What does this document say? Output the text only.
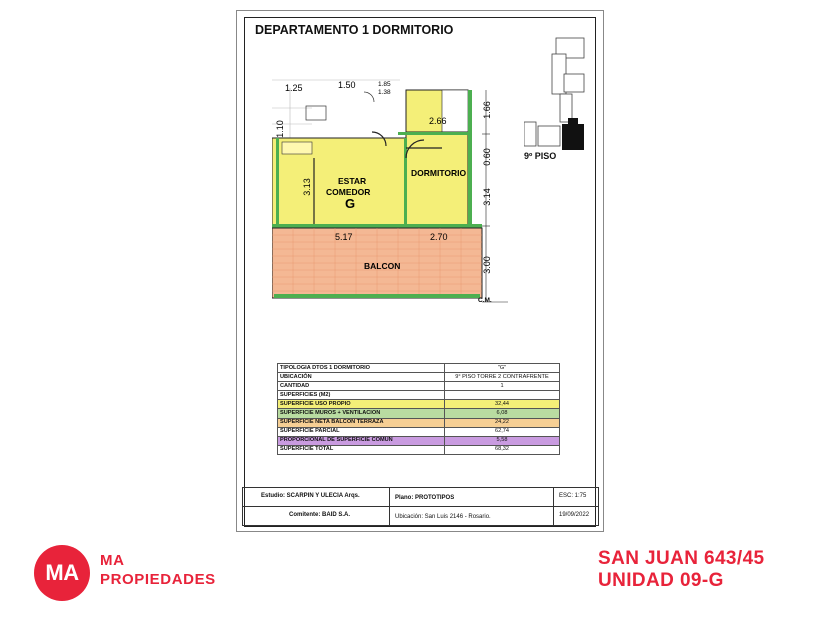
DEPARTAMENTO 1 DORMITORIO
ESTAR
COMEDOR
G
DORMITORIO
BALCON
1.25	1.50	1.85
1.38
1.10	2.66
1.66
0.60
3.13
3.14
5.17	2.70
3.00
C.M.
9º PISO
TIPOLOGIA DTOS 1 DORMITORIO	"G"
UBICACIÓN	9° PISO TORRE 2 CONTRAFRENTE
CANTIDAD	1
SUPERFICIES (M2)	
SUPERFICIE USO PROPIO	32,44
SUPERFICIE MUROS + VENTILACION	6,08
SUPERFICIE NETA BALCON TERRAZA	24,22
SUPERFICIE PARCIAL	62,74
PROPORCIONAL DE SUPERFICIE COMUN	5,58
SUPERFICIE TOTAL	68,32
Estudio: SCARPIN Y ULECIA Arqs.	Plano: PROTOTIPOS	ESC: 1:75
Comitente: BAID S.A.	Ubicación: San Luis 2146 - Rosario.	19/09/2022
MA MA
PROPIEDADES
SAN JUAN 643/45
UNIDAD 09-G
